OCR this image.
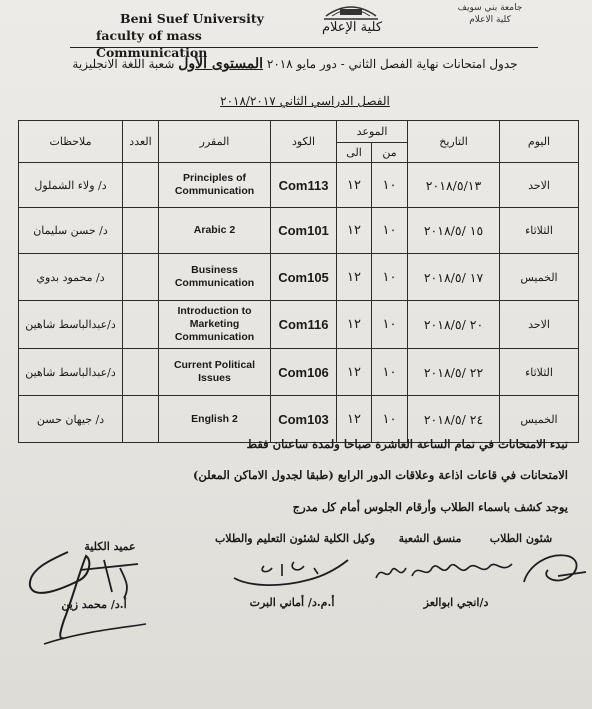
Beni Suef University
faculty of mass Communication
كلية الإعلام
جامعة بني سويف
كلية الاعلام
جدول امتحانات نهاية الفصل الثاني - دور مايو ٢٠١٨ المستوى الأول شعبة اللغة الانجليزية
الفصل الدراسي الثاني ٢٠١٨/٢٠١٧
ملاحظات	العدد	المقرر	الكود	الموعد		التاريخ	اليوم
				الى	من		
د/ ولاء الشملول		Principles of Communication	Com113	١٢	١٠	٢٠١٨/٥/١٣	الاحد
د/ حسن سليمان		Arabic 2	Com101	١٢	١٠	١٥ /٢٠١٨/٥	الثلاثاء
د/ محمود بدوي		Business Communication	Com105	١٢	١٠	١٧ /٢٠١٨/٥	الخميس
د/عبدالباسط شاهين		Introduction to Marketing Communication	Com116	١٢	١٠	٢٠ /٢٠١٨/٥	الاحد
د/عبدالباسط شاهين		Current Political Issues	Com106	١٢	١٠	٢٢ /٢٠١٨/٥	الثلاثاء
د/ جيهان حسن		English 2	Com103	١٢	١٠	٢٤ /٢٠١٨/٥	الخميس
تبدء الامتحانات في تمام الساعة العاشرة صباحا ولمدة ساعتان فقط
الامتحانات في قاعات اذاعة وعلاقات الدور الرابع (طبقا لجدول الاماكن المعلن)
يوجد كشف باسماء الطلاب وأرقام الجلوس أمام كل مدرج
شئون الطلاب
منسق الشعبة
وكيل الكلية لشئون التعليم والطلاب
عميد الكلية
د/انجي ابوالعز
أ.م.د/ أماني البرت
أ.د/ محمد زين
